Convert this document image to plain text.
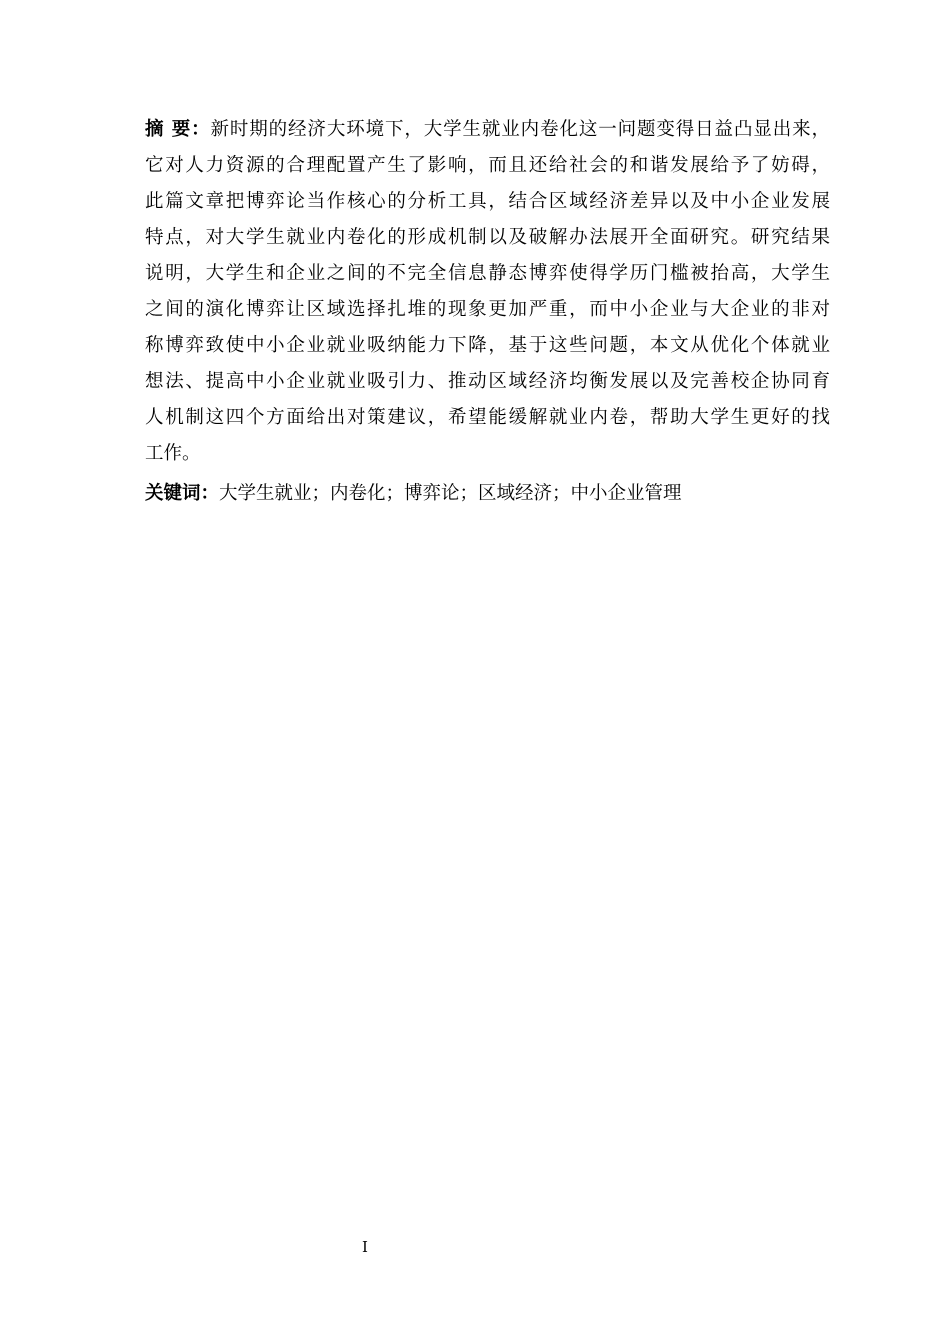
摘 要：新时期的经济大环境下，大学生就业内卷化这一问题变得日益凸显出来，
它对人力资源的合理配置产生了影响，而且还给社会的和谐发展给予了妨碍，
此篇文章把博弈论当作核心的分析工具，结合区域经济差异以及中小企业发展
特点，对大学生就业内卷化的形成机制以及破解办法展开全面研究。研究结果
说明，大学生和企业之间的不完全信息静态博弈使得学历门槛被抬高，大学生
之间的演化博弈让区域选择扎堆的现象更加严重，而中小企业与大企业的非对
称博弈致使中小企业就业吸纳能力下降，基于这些问题，本文从优化个体就业
想法、提高中小企业就业吸引力、推动区域经济均衡发展以及完善校企协同育
人机制这四个方面给出对策建议，希望能缓解就业内卷，帮助大学生更好的找
工作。
关键词：大学生就业；内卷化；博弈论；区域经济；中小企业管理
I
